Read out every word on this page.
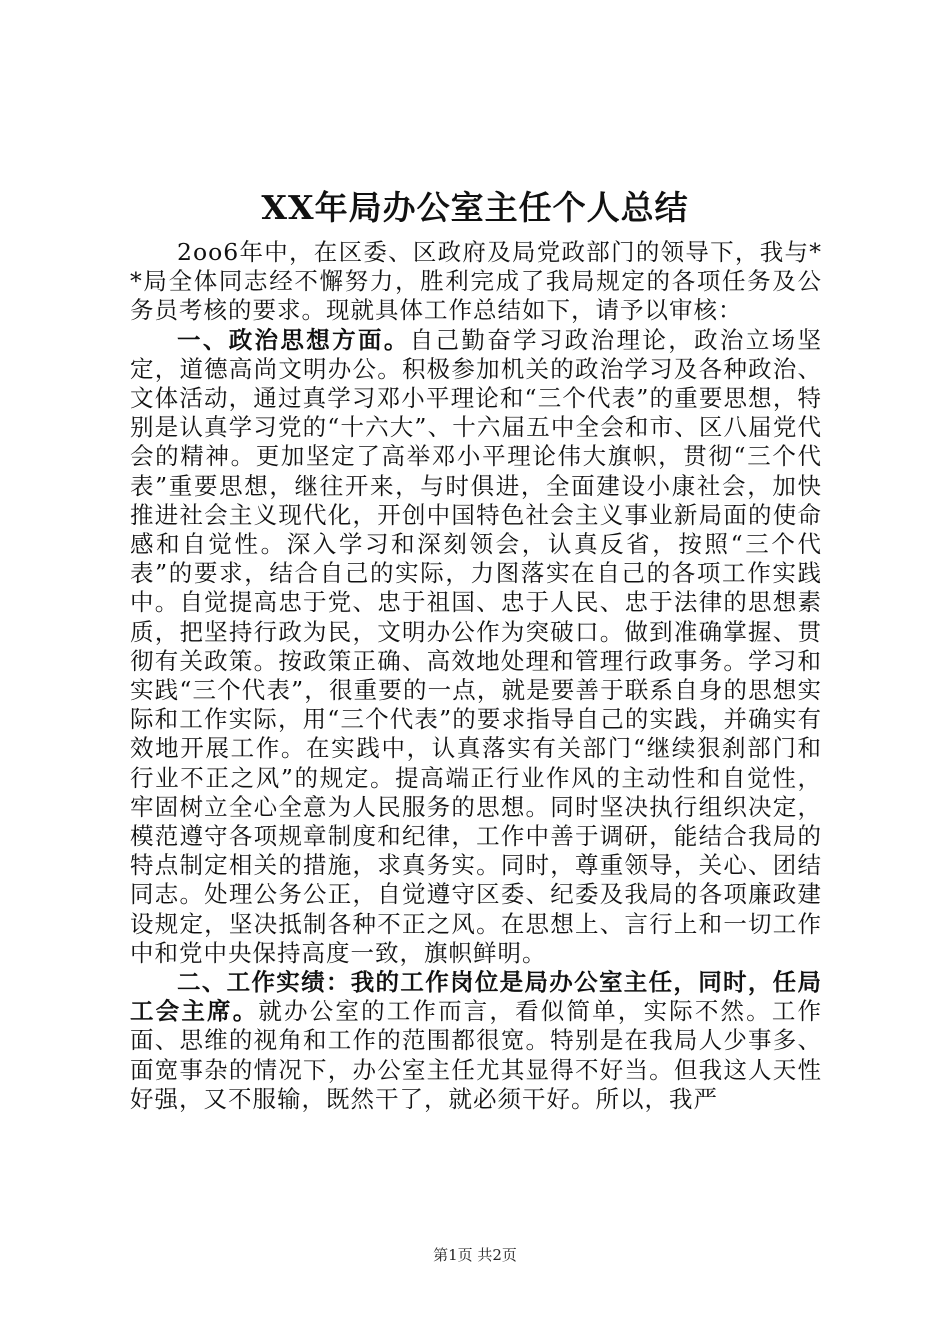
XX年局办公室主任个人总结

2oo6年中，在区委、区政府及局党政部门的领导下，我与**局全体同志经不懈努力，胜利完成了我局规定的各项任务及公务员考核的要求。现就具体工作总结如下，请予以审核：

一、政治思想方面。自己勤奋学习政治理论，政治立场坚定，道德高尚文明办公。积极参加机关的政治学习及各种政治、文体活动，通过真学习邓小平理论和“三个代表”的重要思想，特别是认真学习党的“十六大”、十六届五中全会和市、区八届党代会的精神。更加坚定了高举邓小平理论伟大旗帜，贯彻“三个代表”重要思想，继往开来，与时俱进，全面建设小康社会，加快推进社会主义现代化，开创中国特色社会主义事业新局面的使命感和自觉性。深入学习和深刻领会，认真反省，按照“三个代表”的要求，结合自己的实际，力图落实在自己的各项工作实践中。自觉提高忠于党、忠于祖国、忠于人民、忠于法律的思想素质，把坚持行政为民，文明办公作为突破口。做到准确掌握、贯彻有关政策。按政策正确、高效地处理和管理行政事务。学习和实践“三个代表”，很重要的一点，就是要善于联系自身的思想实际和工作实际，用“三个代表”的要求指导自己的实践，并确实有效地开展工作。在实践中，认真落实有关部门“继续狠刹部门和行业不正之风”的规定。提高端正行业作风的主动性和自觉性，牢固树立全心全意为人民服务的思想。同时坚决执行组织决定，模范遵守各项规章制度和纪律，工作中善于调研，能结合我局的特点制定相关的措施，求真务实。同时，尊重领导，关心、团结同志。处理公务公正，自觉遵守区委、纪委及我局的各项廉政建设规定，坚决抵制各种不正之风。在思想上、言行上和一切工作中和党中央保持高度一致，旗帜鲜明。

二、工作实绩：我的工作岗位是局办公室主任，同时，任局工会主席。就办公室的工作而言，看似简单，实际不然。工作面、思维的视角和工作的范围都很宽。特别是在我局人少事多、面宽事杂的情况下，办公室主任尤其显得不好当。但我这人天性好强，又不服输，既然干了，就必须干好。所以，我严

第1页 共2页
